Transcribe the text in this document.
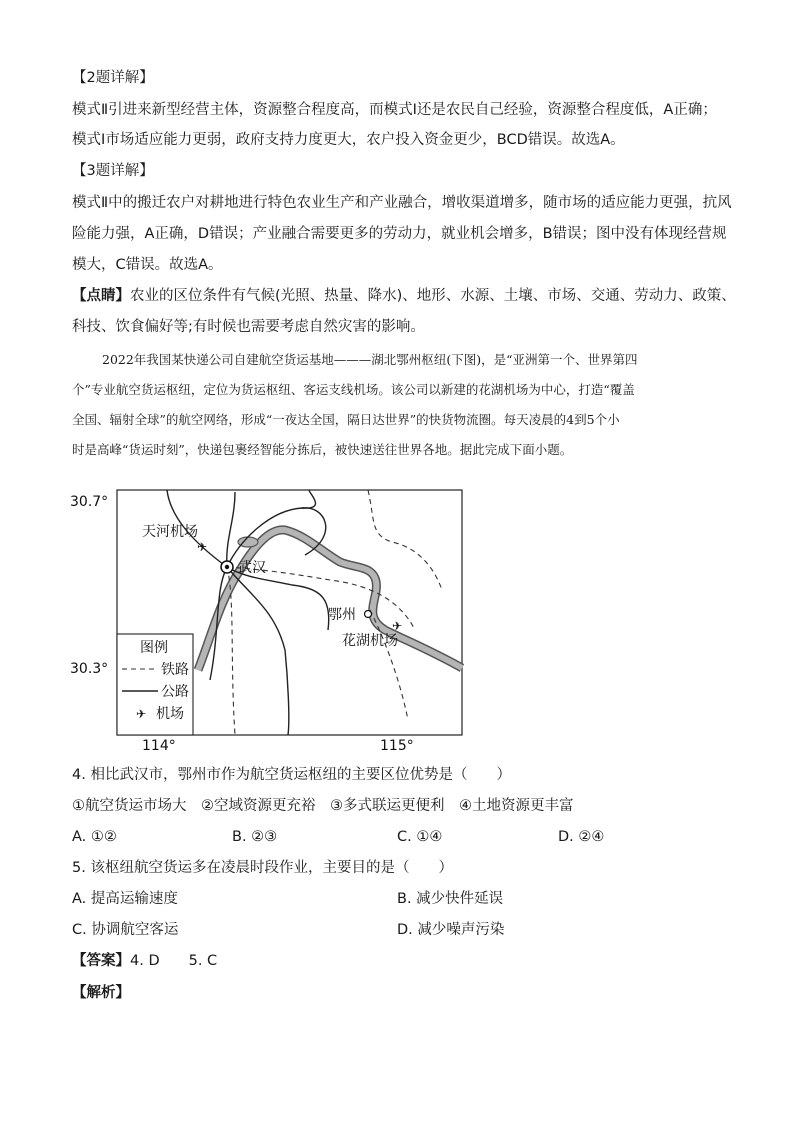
【2题详解】
模式Ⅱ引进来新型经营主体，资源整合程度高，而模式Ⅰ还是农民自己经验，资源整合程度低，A正确；
模式Ⅰ市场适应能力更弱，政府支持力度更大，农户投入资金更少，BCD错误。故选A。
【3题详解】
模式Ⅱ中的搬迁农户对耕地进行特色农业生产和产业融合，增收渠道增多，随市场的适应能力更强，抗风
险能力强，A正确，D错误；产业融合需要更多的劳动力，就业机会增多，B错误；图中没有体现经营规
模大，C错误。故选A。
【点睛】农业的区位条件有气候(光照、热量、降水)、地形、水源、土壤、市场、交通、劳动力、政策、
科技、饮食偏好等;有时候也需要考虑自然灾害的影响。
2022年我国某快递公司自建航空货运基地———湖北鄂州枢纽(下图)，是“亚洲第一个、世界第四
个”专业航空货运枢纽，定位为货运枢纽、客运支线机场。该公司以新建的花湖机场为中心，打造“覆盖
全国、辐射全球”的航空网络，形成“一夜达全国，隔日达世界”的快货物流圈。每天凌晨的4到5个小
时是高峰“货运时刻”，快递包裹经智能分拣后，被快速送往世界各地。据此完成下面小题。
30.7°
30.3°
114°	115°
武汉
天河机场
✈
鄂州
✈
花湖机场
图例
铁路
公路
✈ 机场
4. 相比武汉市，鄂州市作为航空货运枢纽的主要区位优势是（　　）
①航空货运市场大　②空域资源更充裕　③多式联运更便利　④土地资源更丰富
A. ①②	B. ②③	C. ①④	D. ②④
5. 该枢纽航空货运多在凌晨时段作业，主要目的是（　　）
A. 提高运输速度	B. 减少快件延误
C. 协调航空客运	D. 减少噪声污染
【答案】4. D　　5. C
【解析】
